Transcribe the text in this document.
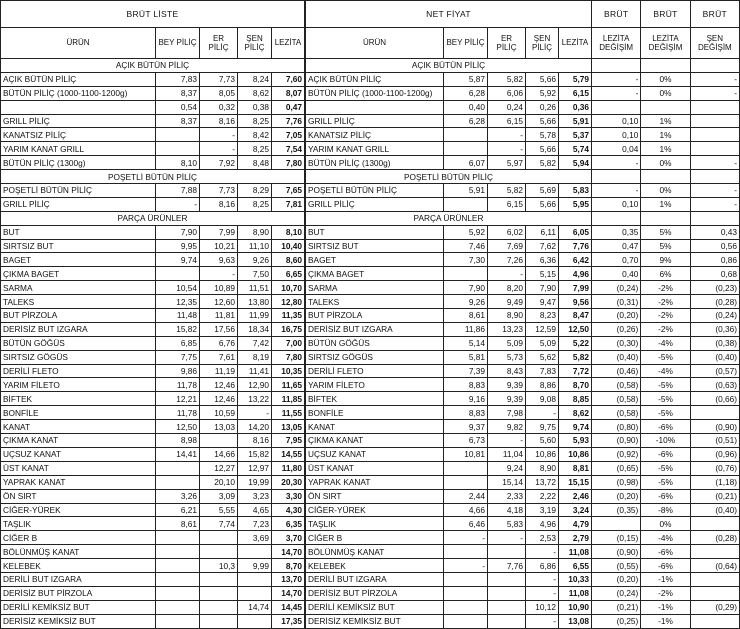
BRÜT LİSTE				
ÜRÜN	BEY PİLİÇ	ER PİLİÇ	ŞEN PİLİÇ	LEZİTA
AÇIK BÜTÜN PİLİÇ				
AÇIK BÜTÜN PİLİÇ	7,83	7,73	8,24	7,60
BÜTÜN PİLİÇ (1000-1100-1200g)	8,37	8,05	8,62	8,07
	0,54	0,32	0,38	0,47
GRILL PİLİÇ	8,37	8,16	8,25	7,76
KANATSIZ PİLİÇ		-	8,42	7,05
YARIM KANAT GRILL		-	8,25	7,54
BÜTÜN PİLİÇ (1300g)	8,10	7,92	8,48	7,80
POŞETLİ BÜTÜN PİLİÇ				
POŞETLİ BÜTÜN PİLİÇ	7,88	7,73	8,29	7,65
GRILL PİLİÇ	-	8,16	8,25	7,81
PARÇA ÜRÜNLER				
BUT	7,90	7,99	8,90	8,10
SIRTSIZ BUT	9,95	10,21	11,10	10,40
BAGET	9,74	9,63	9,26	8,60
ÇIKMA BAGET		-	7,50	6,65
SARMA	10,54	10,89	11,51	10,70
TALEKS	12,35	12,60	13,80	12,80
BUT PİRZOLA	11,48	11,81	11,99	11,35
DERİSİZ BUT IZGARA	15,82	17,56	18,34	16,75
BÜTÜN GÖĞÜS	6,85	6,76	7,42	7,00
SIRTSIZ GÖGÜS	7,75	7,61	8,19	7,80
DERİLİ FLETO	9,86	11,19	11,41	10,35
YARIM FİLETO	11,78	12,46	12,90	11,65
BİFTEK	12,21	12,46	13,22	11,85
BONFİLE	11,78	10,59	-	11,55
KANAT	12,50	13,03	14,20	13,05
ÇIKMA KANAT	8,98		8,16	7,95
UÇSUZ KANAT	14,41	14,66	15,82	14,55
ÜST KANAT		12,27	12,97	11,80
YAPRAK KANAT		20,10	19,99	20,30
ÖN SIRT	3,26	3,09	3,23	3,30
CİĞER-YÜREK	6,21	5,55	4,65	4,30
TAŞLIK	8,61	7,74	7,23	6,35
CİĞER B			3,69	3,70
BÖLÜNMÜŞ KANAT				14,70
KELEBEK		10,3	9,99	8,70
DERİLİ BUT IZGARA				13,70
DERİSİZ BUT PİRZOLA				14,70
DERİLİ KEMİKSİZ BUT			14,74	14,45
DERİSİZ KEMİKSİZ BUT				17,35
NET FİYAT				
ÜRÜN	BEY PİLİÇ	ER PİLİÇ	ŞEN PİLİÇ	LEZİTA
AÇIK BÜTÜN PİLİÇ				
AÇIK BÜTÜN PİLİÇ	5,87	5,82	5,66	5,79
BÜTÜN PİLİÇ (1000-1100-1200g)	6,28	6,06	5,92	6,15
	0,40	0,24	0,26	0,36
GRILL PİLİÇ	6,28	6,15	5,66	5,91
KANATSIZ PİLİÇ		-	5,78	5,37
YARIM KANAT GRILL		-	5,66	5,74
BÜTÜN PİLİÇ (1300g)	6,07	5,97	5,82	5,94
POŞETLİ BÜTÜN PİLİÇ				
POŞETLİ BÜTÜN PİLİÇ	5,91	5,82	5,69	5,83
GRILL PİLİÇ		6,15	5,66	5,95
PARÇA ÜRÜNLER				
BUT	5,92	6,02	6,11	6,05
SIRTSIZ BUT	7,46	7,69	7,62	7,76
BAGET	7,30	7,26	6,36	6,42
ÇIKMA BAGET		-	5,15	4,96
SARMA	7,90	8,20	7,90	7,99
TALEKS	9,26	9,49	9,47	9,56
BUT PİRZOLA	8,61	8,90	8,23	8,47
DERİSİZ BUT IZGARA	11,86	13,23	12,59	12,50
BÜTÜN GÖĞÜS	5,14	5,09	5,09	5,22
SIRTSIZ GÖGÜS	5,81	5,73	5,62	5,82
DERİLİ FLETO	7,39	8,43	7,83	7,72
YARIM FİLETO	8,83	9,39	8,86	8,70
BİFTEK	9,16	9,39	9,08	8,85
BONFİLE	8,83	7,98	-	8,62
KANAT	9,37	9,82	9,75	9,74
ÇIKMA KANAT	6,73	-	5,60	5,93
UÇSUZ KANAT	10,81	11,04	10,86	10,86
ÜST KANAT		9,24	8,90	8,81
YAPRAK KANAT		15,14	13,72	15,15
ÖN SIRT	2,44	2,33	2,22	2,46
CİĞER-YÜREK	4,66	4,18	3,19	3,24
TAŞLIK	6,46	5,83	4,96	4,79
CİĞER B	-	-	2,53	2,79
BÖLÜNMÜŞ KANAT			-	11,08
KELEBEK	-	7,76	6,86	6,55
DERİLİ BUT IZGARA			-	10,33
DERİSİZ BUT PİRZOLA			-	11,08
DERİLİ KEMİKSİZ BUT			10,12	10,90
DERİSİZ KEMİKSİZ BUT			-	13,08
BRÜT	BRÜT	BRÜT
LEZİTA DEĞİŞİM	LEZİTA DEĞİŞİM	ŞEN DEĞİŞİM

-	0%	-
-	0%	-

0,10	1%	
0,10	1%	
0,04	1%	
-	0%	-

-	0%	-
0,10	1%	-

0,35	5%	0,43
0,47	5%	0,56
0,70	9%	0,86
0,40	6%	0,68
(0,24)	-2%	(0,23)
(0,31)	-2%	(0,28)
(0,20)	-2%	(0,24)
(0,26)	-2%	(0,36)
(0,30)	-4%	(0,38)
(0,40)	-5%	(0,40)
(0,46)	-4%	(0,57)
(0,58)	-5%	(0,63)
(0,58)	-5%	(0,66)
(0,58)	-5%	
(0,80)	-6%	(0,90)
(0,90)	-10%	(0,51)
(0,92)	-6%	(0,96)
(0,65)	-5%	(0,76)
(0,98)	-5%	(1,18)
(0,20)	-6%	(0,21)
(0,35)	-8%	(0,40)
	0%	
(0,15)	-4%	(0,28)
(0,90)	-6%	
(0,55)	-6%	(0,64)
(0,20)	-1%	
(0,24)	-2%	
(0,21)	-1%	(0,29)
(0,25)	-1%	
